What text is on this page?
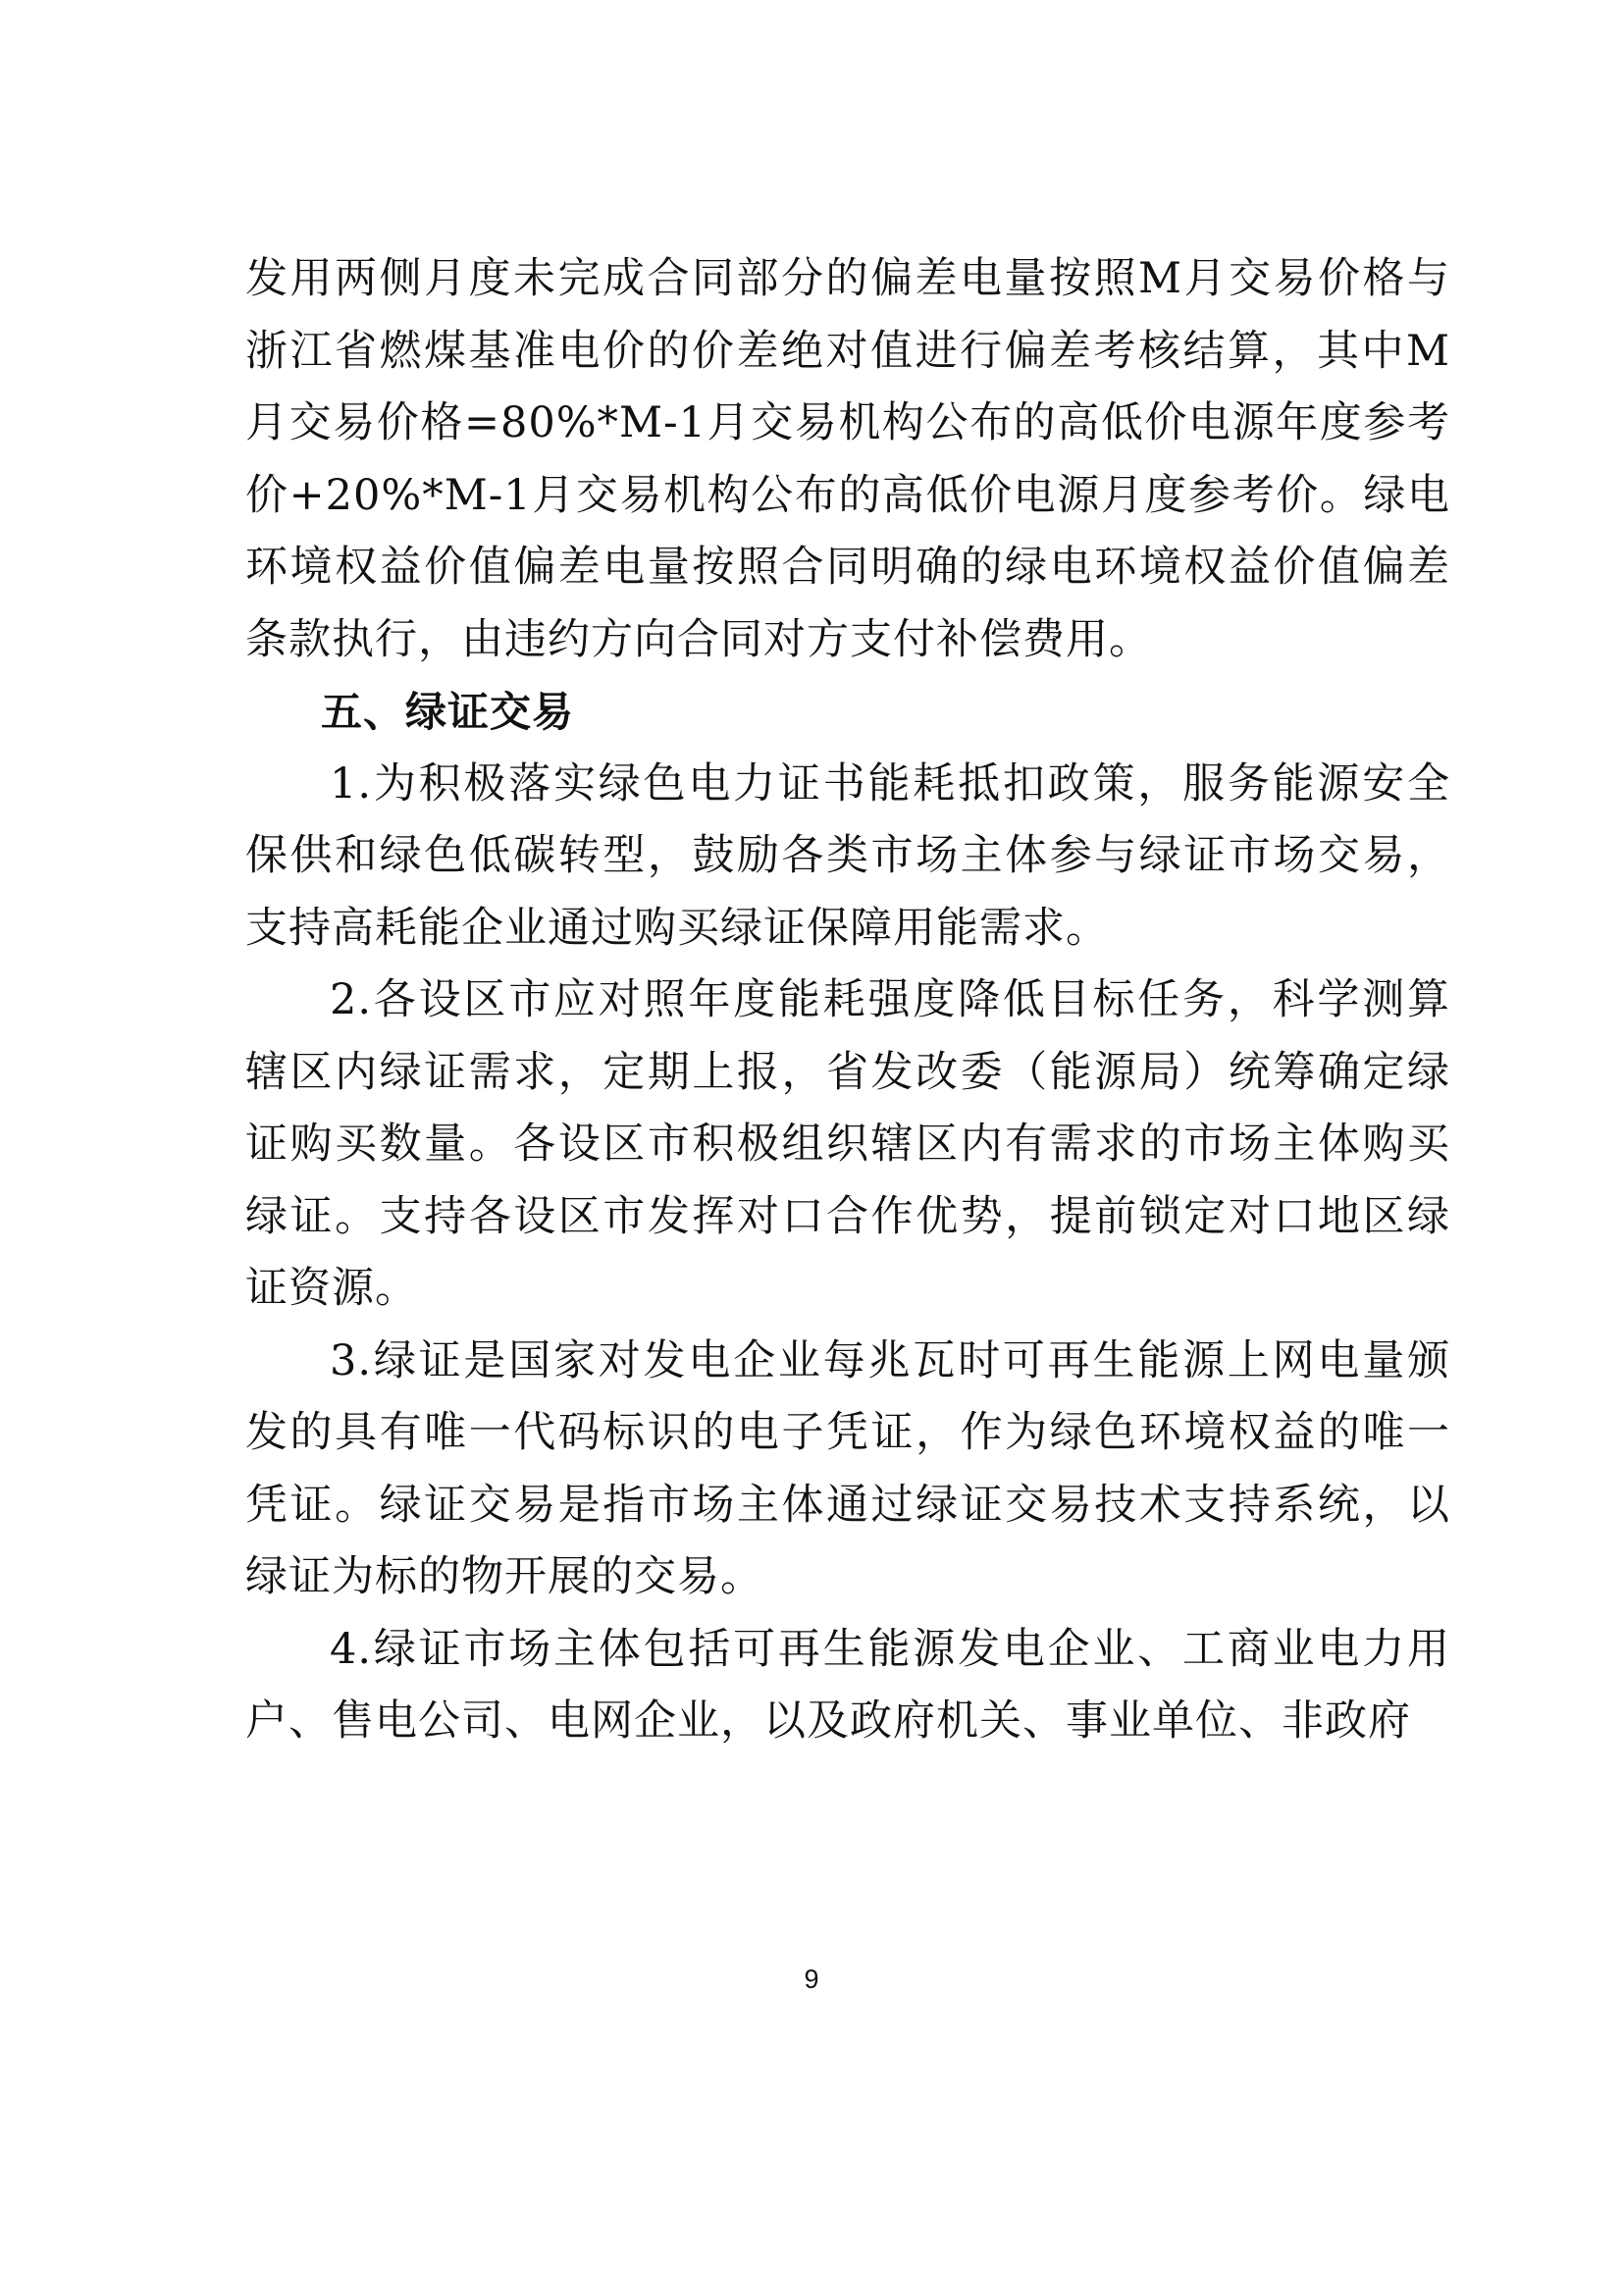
发用两侧月度未完成合同部分的偏差电量按照M月交易价格与浙江省燃煤基准电价的价差绝对值进行偏差考核结算，其中M月交易价格=80%*M-1月交易机构公布的高低价电源年度参考价+20%*M-1月交易机构公布的高低价电源月度参考价。绿电环境权益价值偏差电量按照合同明确的绿电环境权益价值偏差条款执行，由违约方向合同对方支付补偿费用。

五、绿证交易

1.为积极落实绿色电力证书能耗抵扣政策，服务能源安全保供和绿色低碳转型，鼓励各类市场主体参与绿证市场交易，支持高耗能企业通过购买绿证保障用能需求。

2.各设区市应对照年度能耗强度降低目标任务，科学测算辖区内绿证需求，定期上报，省发改委（能源局）统筹确定绿证购买数量。各设区市积极组织辖区内有需求的市场主体购买绿证。支持各设区市发挥对口合作优势，提前锁定对口地区绿证资源。

3.绿证是国家对发电企业每兆瓦时可再生能源上网电量颁发的具有唯一代码标识的电子凭证，作为绿色环境权益的唯一凭证。绿证交易是指市场主体通过绿证交易技术支持系统，以绿证为标的物开展的交易。

4.绿证市场主体包括可再生能源发电企业、工商业电力用户、售电公司、电网企业，以及政府机关、事业单位、非政府

9
